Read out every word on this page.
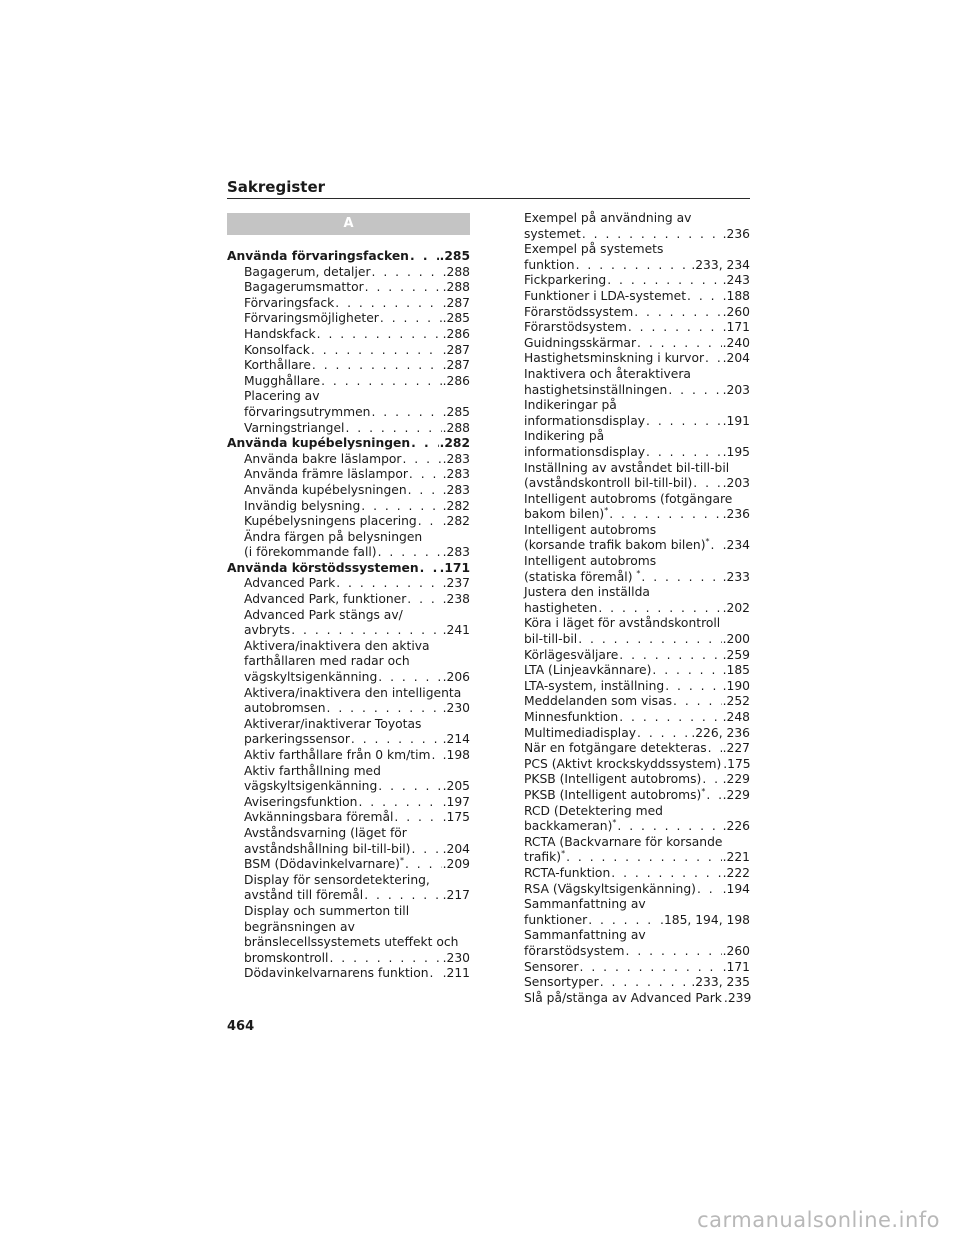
Sakregister
A
Använda förvaringsfacken . . . .285
Bagagerum, detaljer . . .	.288
Bagagerumsmattor . . .	.288
Förvaringsfack . . .	.287
Förvaringsmöjligheter . . .	.285
Handskfack . . .	.286
Konsolfack . . .	.287
Korthållare . . .	.287
Mugghållare . . .	.286
Placering av
förvaringsutrymmen . . .	.285
Varningstriangel . . .	.288
Använda kupébelysningen . . . .282
Använda bakre läslampor . . .	.283
Använda främre läslampor . . .	.283
Använda kupébelysningen . . .	.283
Invändig belysning . . .	.282
Kupébelysningens placering . . . .282
Ändra färgen på belysningen
(i förekommande fall) . . .	.283
Använda körstödssystemen . . . .171
Advanced Park . . .	.237
Advanced Park, funktioner . . .	.238
Advanced Park stängs av/
avbryts . . .	.241
Aktivera/inaktivera den aktiva
farthållaren med radar och
vägskyltsigenkänning . . .	.206
Aktivera/inaktivera den intelligenta
autobromsen . . .	.230
Aktiverar/inaktiverar Toyotas
parkeringssensor . . .	.214
Aktiv farthållare från 0 km/tim . . . .198
Aktiv farthållning med
vägskyltsigenkänning . . .	.205
Aviseringsfunktion . . .	.197
Avkänningsbara föremål . . .	.175
Avståndsvarning (läget för
avståndshållning bil-till-bil) . . .	.204
BSM (Dödavinkelvarnare)* . . .	.209
Display för sensordetektering,
avstånd till föremål . . .	.217
Display och summerton till
begränsningen av
bränslecellssystemets uteffekt och
bromskontroll . . .	.230
Dödavinkelvarnarens funktion . . . .211
Exempel på användning av
systemet . . .	.236
Exempel på systemets
funktion . . .	.233, 234
Fickparkering . . .	.243
Funktioner i LDA-systemet . . .	.188
Förarstödssystem . . .	.260
Förarstödsystem . . .	.171
Guidningsskärmar . . .	.240
Hastighetsminskning i kurvor . . . .204
Inaktivera och återaktivera
hastighetsinställningen . . .	.203
Indikeringar på
informationsdisplay . . .	.191
Indikering på
informationsdisplay . . .	.195
Inställning av avståndet bil-till-bil
(avståndskontroll bil-till-bil) . . . .203
Intelligent autobroms (fotgängare
bakom bilen)* . . .	.236
Intelligent autobroms
(korsande trafik bakom bilen)* . . . .234
Intelligent autobroms
(statiska föremål) * . . .	.233
Justera den inställda
hastigheten . . .	.202
Köra i läget för avståndskontroll
bil-till-bil . . .	.200
Körlägesväljare . . .	.259
LTA (Linjeavkännare) . . .	.185
LTA-system, inställning . . .	.190
Meddelanden som visas . . .	.252
Minnesfunktion . . .	.248
Multimediadisplay . . .	.226, 236
När en fotgängare detekteras . . . .227
PCS (Aktivt krockskyddssystem) .175
PKSB (Intelligent autobroms) . . . .229
PKSB (Intelligent autobroms)* . . . .229
RCD (Detektering med
backkameran)* . . .	.226
RCTA (Backvarnare för korsande
trafik)* . . .	.221
RCTA-funktion . . .	.222
RSA (Vägskyltsigenkänning) . . . .194
Sammanfattning av
funktioner . . .	.185, 194, 198
Sammanfattning av
förarstödsystem . . .	.260
Sensorer . . .	.171
Sensortyper . . .	.233, 235
Slå på/stänga av Advanced Park .239
464
carmanualsonline.info
